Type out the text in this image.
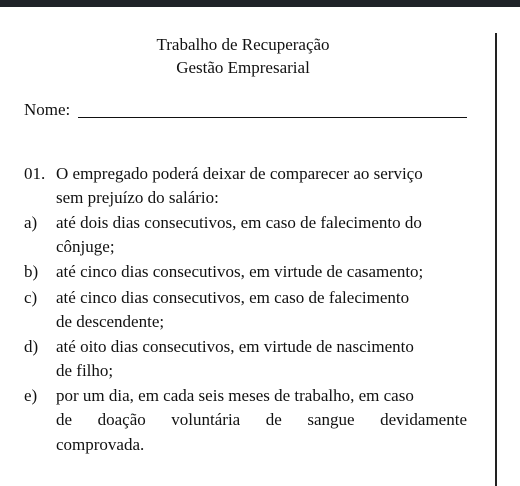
Trabalho de Recuperação
Gestão Empresarial
Nome:
01. O empregado poderá deixar de comparecer ao serviço
sem prejuízo do salário:
a) até dois dias consecutivos, em caso de falecimento do
cônjuge;
b) até cinco dias consecutivos, em virtude de casamento;
c) até cinco dias consecutivos, em caso de falecimento
de descendente;
d) até oito dias consecutivos, em virtude de nascimento
de filho;
e) por um dia, em cada seis meses de trabalho, em caso
de doação voluntária de sangue devidamente
comprovada.
